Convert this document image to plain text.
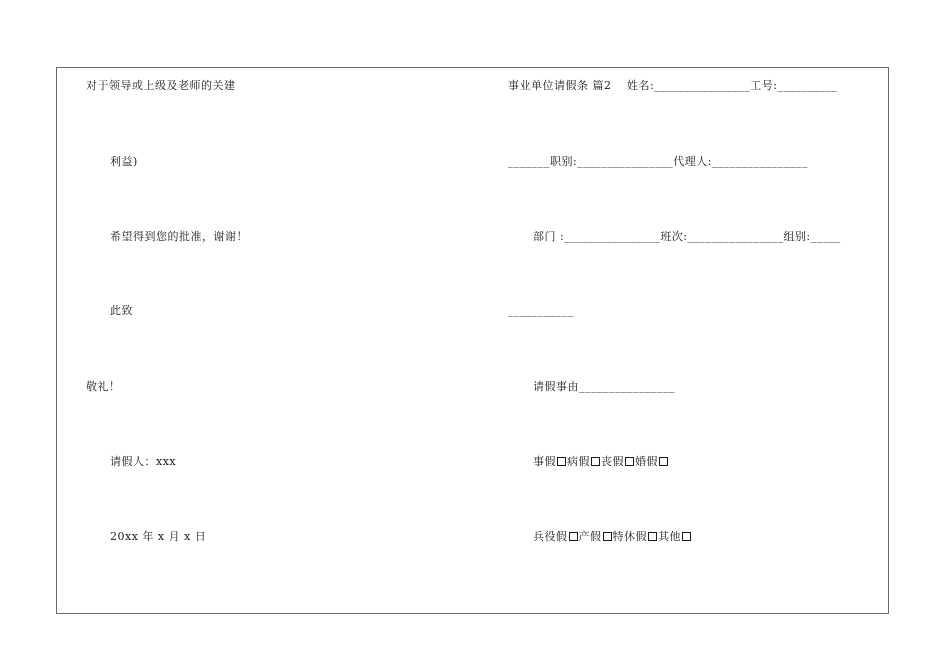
对于领导或上级及老师的关建
利益)
希望得到您的批准，谢谢！
此致
敬礼！
请假人：xxx
20xx 年 x 月 x 日
事业单位请假条 篇2　 姓名:________________工号:__________
_______职别:________________代理人:________________
部门 :________________班次:________________组别:_____
___________
请假事由________________
事假 病假 丧假 婚假
兵役假 产假 特休假 其他
